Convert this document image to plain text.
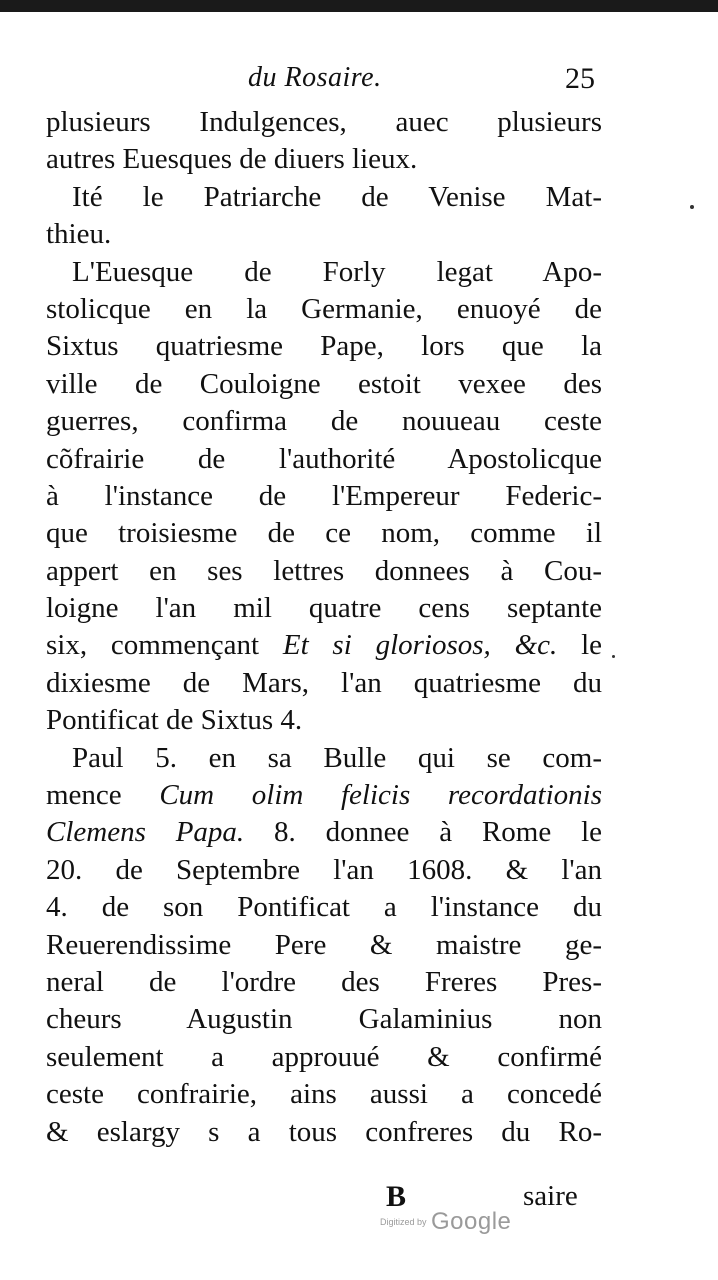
du Rosaire.	25
plusieurs Indulgences, auec plusieurs
autres Euesques de diuers lieux.
Ité le Patriarche de Venise Mat-
thieu.
L'Euesque de Forly legat Apo-
stolicque en la Germanie, enuoyé de
Sixtus quatriesme Pape, lors que la
ville de Couloigne estoit vexee des
guerres, confirma de nouueau ceste
cõfrairie de l'authorité Apostolicque
à l'instance de l'Empereur Federic-
que troisiesme de ce nom, comme il
appert en ses lettres donnees à Cou-
loigne l'an mil quatre cens septante
six, commençant Et si gloriosos, &c. le
dixiesme de Mars, l'an quatriesme du
Pontificat de Sixtus 4.
Paul 5. en sa Bulle qui se com-
mence Cum olim felicis recordationis
Clemens Papa. 8. donnee à Rome le
20. de Septembre l'an 1608. & l'an
4. de son Pontificat a l'instance du
Reuerendissime Pere & maistre ge-
neral de l'ordre des Freres Pres-
cheurs Augustin Galaminius non
seulement a approuué & confirmé
ceste confrairie, ains aussi a concedé
& eslargy s a tous confreres du Ro-
B	saire
Digitized by Google
